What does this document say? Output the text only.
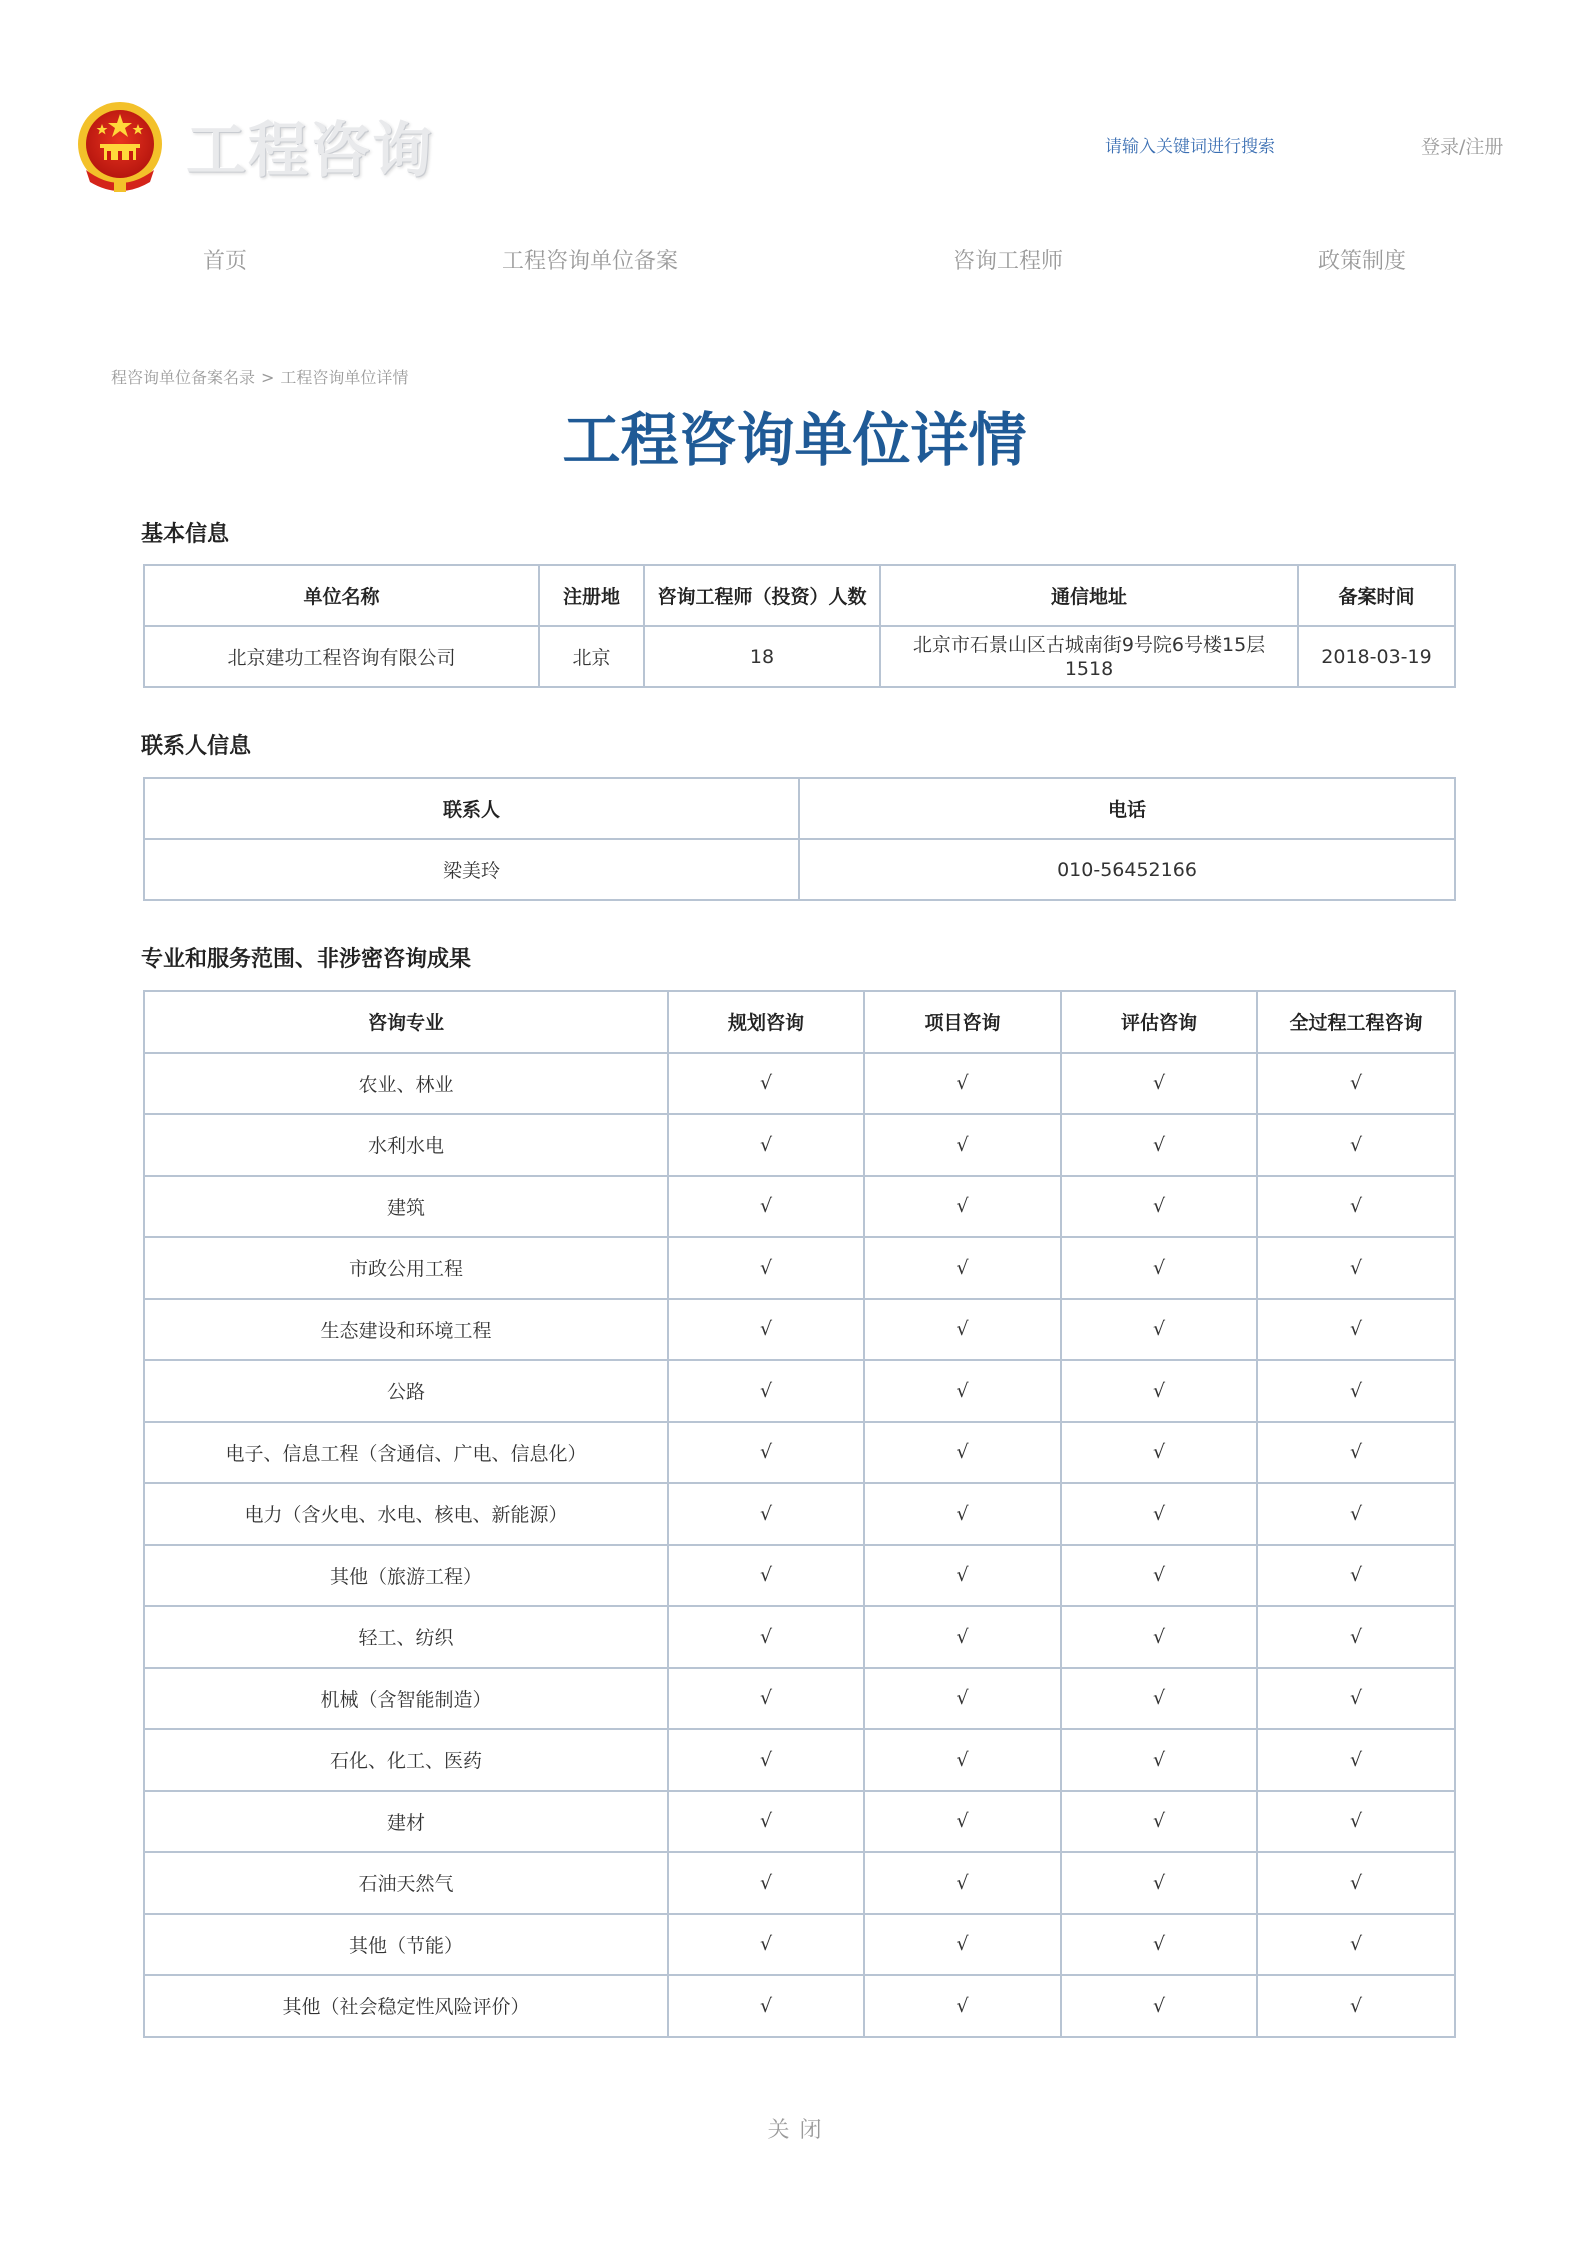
工程咨询
请输入关键词进行搜索	登录/注册
首页	工程咨询单位备案	咨询工程师	政策制度
程咨询单位备案名录 > 工程咨询单位详情
工程咨询单位详情
基本信息
单位名称	注册地	咨询工程师（投资）人数	通信地址	备案时间
北京建功工程咨询有限公司	北京	18	北京市石景山区古城南街9号院6号楼15层1518	2018-03-19
联系人信息
联系人	电话
梁美玲	010-56452166
专业和服务范围、非涉密咨询成果
咨询专业	规划咨询	项目咨询	评估咨询	全过程工程咨询
农业、林业	√	√	√	√
水利水电	√	√	√	√
建筑	√	√	√	√
市政公用工程	√	√	√	√
生态建设和环境工程	√	√	√	√
公路	√	√	√	√
电子、信息工程（含通信、广电、信息化）	√	√	√	√
电力（含火电、水电、核电、新能源）	√	√	√	√
其他（旅游工程）	√	√	√	√
轻工、纺织	√	√	√	√
机械（含智能制造）	√	√	√	√
石化、化工、医药	√	√	√	√
建材	√	√	√	√
石油天然气	√	√	√	√
其他（节能）	√	√	√	√
其他（社会稳定性风险评价）	√	√	√	√
关闭
